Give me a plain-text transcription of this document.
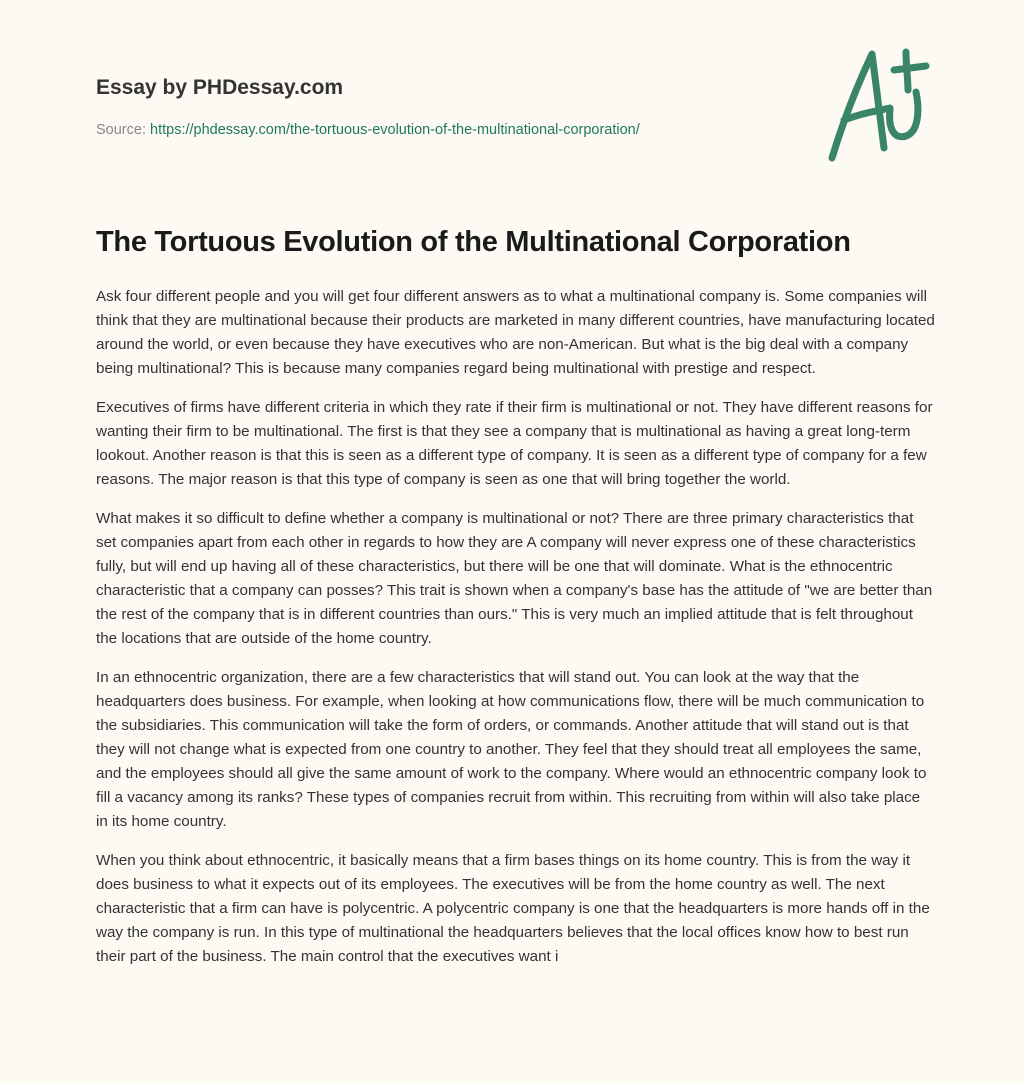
Essay by PHDessay.com

Source: https://phdessay.com/the-tortuous-evolution-of-the-multinational-corporation/
The Tortuous Evolution of the Multinational Corporation

Ask four different people and you will get four different answers as to what a multinational company is. Some companies will think that they are multinational because their products are marketed in many different countries, have manufacturing located around the world, or even because they have executives who are non-American. But what is the big deal with a company being multinational? This is because many companies regard being multinational with prestige and respect.

Executives of firms have different criteria in which they rate if their firm is multinational or not. They have different reasons for wanting their firm to be multinational. The first is that they see a company that is multinational as having a great long-term lookout. Another reason is that this is seen as a different type of company. It is seen as a different type of company for a few reasons. The major reason is that this type of company is seen as one that will bring together the world.

What makes it so difficult to define whether a company is multinational or not? There are three primary characteristics that set companies apart from each other in regards to how they are A company will never express one of these characteristics fully, but will end up having all of these characteristics, but there will be one that will dominate. What is the ethnocentric characteristic that a company can posses? This trait is shown when a company's base has the attitude of "we are better than the rest of the company that is in different countries than ours." This is very much an implied attitude that is felt throughout the locations that are outside of the home country.

In an ethnocentric organization, there are a few characteristics that will stand out. You can look at the way that the headquarters does business. For example, when looking at how communications flow, there will be much communication to the subsidiaries. This communication will take the form of orders, or commands. Another attitude that will stand out is that they will not change what is expected from one country to another. They feel that they should treat all employees the same, and the employees should all give the same amount of work to the company. Where would an ethnocentric company look to fill a vacancy among its ranks? These types of companies recruit from within. This recruiting from within will also take place in its home country.

When you think about ethnocentric, it basically means that a firm bases things on its home country. This is from the way it does business to what it expects out of its employees. The executives will be from the home country as well. The next characteristic that a firm can have is polycentric. A polycentric company is one that the headquarters is more hands off in the way the company is run. In this type of multinational the headquarters believes that the local offices know how to best run their part of the business. The main control that the executives want i
